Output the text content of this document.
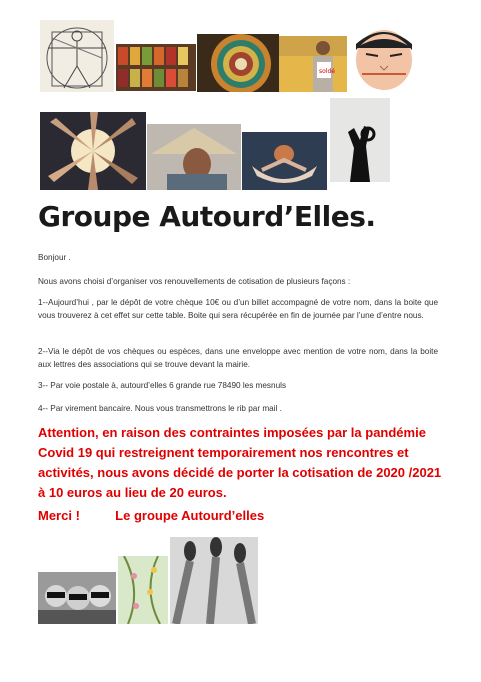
soldé
Groupe Autourd’Elles.

Bonjour .

Nous avons choisi d’organiser vos renouvellements de cotisation de plusieurs façons :

1--Aujourd’hui , par le dépôt de votre chèque 10€ ou d’un billet accompagné de votre nom, dans la boite que vous trouverez à cet effet sur cette table. Boite qui sera récupérée en fin de journée par l’une d’entre nous.

2--Via le dépôt de vos chèques ou espèces, dans une enveloppe avec mention de votre nom, dans la boite aux lettres des associations qui se trouve devant la mairie.

3-- Par voie postale à, autourd’elles 6 grande rue 78490 les mesnuls

4-- Par virement bancaire. Nous vous transmettrons le rib par mail .

Attention, en raison des contraintes imposées par la pandémie Covid 19 qui restreignent temporairement nos rencontres et activités, nous avons décidé de porter la cotisation de 2020 /2021 à 10 euros au lieu de 20 euros.

Merci !	Le groupe Autourd’elles
